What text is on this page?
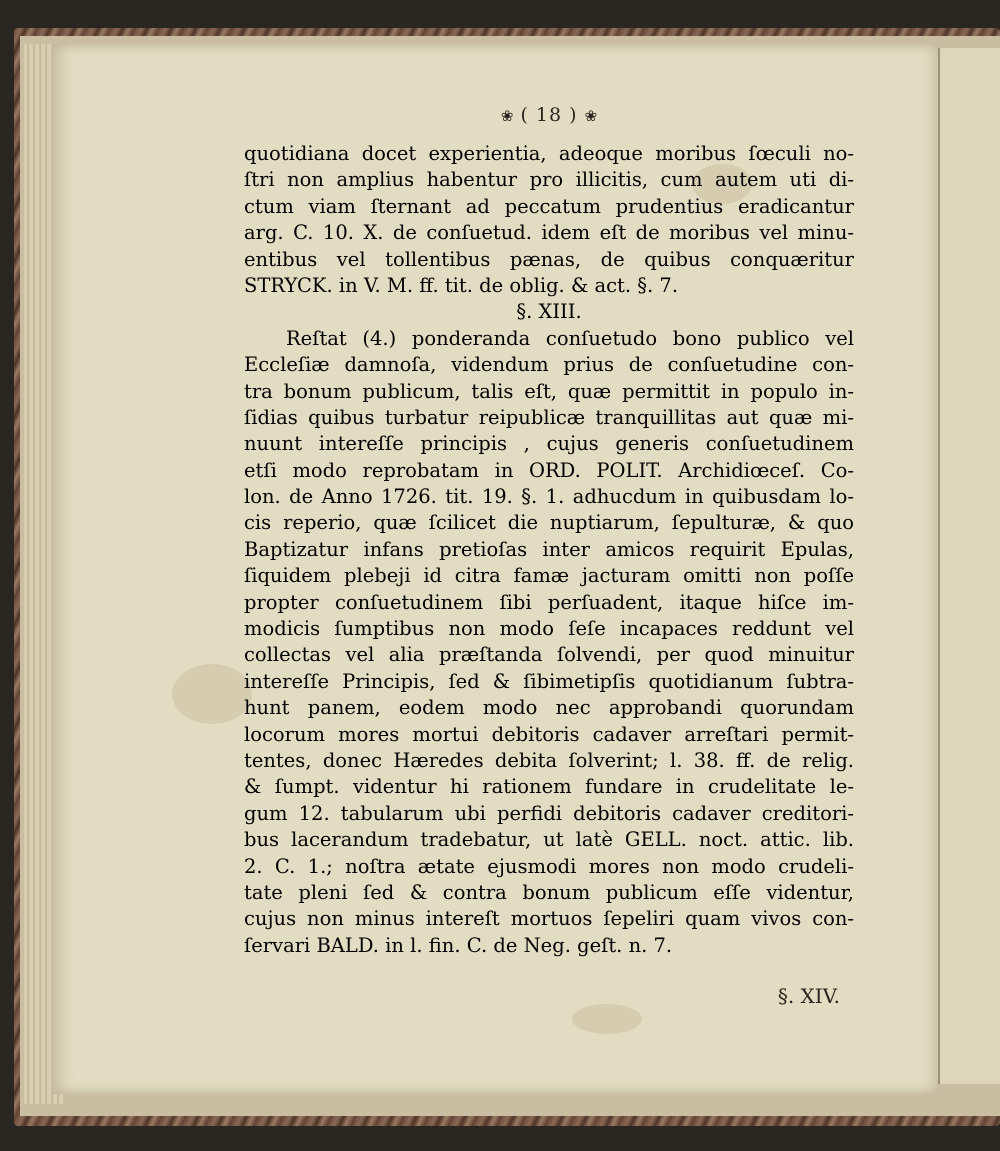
❀ ( 18 ) ❀
quotidiana docet experientia, adeoque moribus ſœculi no-
ſtri non amplius habentur pro illicitis, cum autem uti di-
ctum viam ſternant ad peccatum prudentius eradicantur
arg. C. 10. X. de conſuetud. idem eſt de moribus vel minu-
entibus vel tollentibus pænas, de quibus conquæritur
STRYCK. in V. M. ff. tit. de oblig. & act. §. 7.
§. XIII.
Reſtat (4.) ponderanda conſuetudo bono publico vel
Eccleſiæ damnoſa, videndum prius de conſuetudine con-
tra bonum publicum, talis eſt, quæ permittit in populo in-
ſidias quibus turbatur reipublicæ tranquillitas aut quæ mi-
nuunt intereſſe principis , cujus generis conſuetudinem
etſi modo reprobatam in ORD. POLIT. Archidiœceſ. Co-
lon. de Anno 1726. tit. 19. §. 1. adhucdum in quibusdam lo-
cis reperio, quæ ſcilicet die nuptiarum, ſepulturæ, & quo
Baptizatur infans pretioſas inter amicos requirit Epulas,
ſiquidem plebeji id citra famæ jacturam omitti non poſſe
propter conſuetudinem ſibi perſuadent, itaque hiſce im-
modicis ſumptibus non modo ſeſe incapaces reddunt vel
collectas vel alia præſtanda ſolvendi, per quod minuitur
intereſſe Principis, ſed & ſibimetipſis quotidianum ſubtra-
hunt panem, eodem modo nec approbandi quorundam
locorum mores mortui debitoris cadaver arreſtari permit-
tentes, donec Hæredes debita ſolverint; l. 38. ff. de relig.
& ſumpt. videntur hi rationem fundare in crudelitate le-
gum 12. tabularum ubi perfidi debitoris cadaver creditori-
bus lacerandum tradebatur, ut latè GELL. noct. attic. lib.
2. C. 1.; noſtra ætate ejusmodi mores non modo crudeli-
tate pleni ſed & contra bonum publicum eſſe videntur,
cujus non minus intereſt mortuos ſepeliri quam vivos con-
ſervari BALD. in l. fin. C. de Neg. geſt. n. 7.
§. XIV.
